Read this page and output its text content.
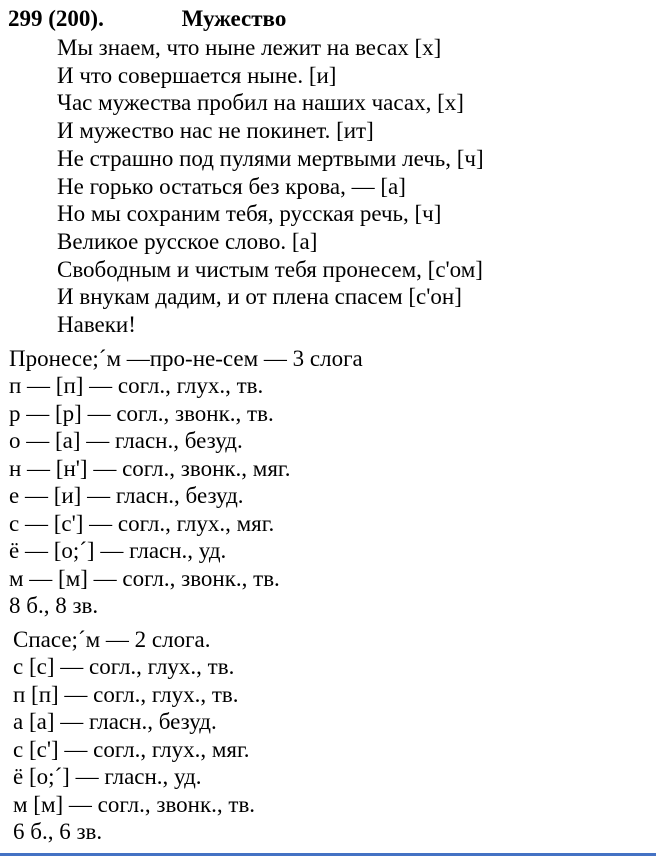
299 (200).	Мужество
Мы знаем, что ныне лежит на весах [х]
И что совершается ныне. [и]
Час мужества пробил на наших часах, [х]
И мужество нас не покинет. [ит]
Не страшно под пулями мертвыми лечь, [ч]
Не горько остаться без крова, — [а]
Но мы сохраним тебя, русская речь, [ч]
Великое русское слово. [а]
Свободным и чистым тебя пронесем, [с'ом]
И внукам дадим, и от плена спасем [с'он]
Навеки!
Пронесе;´м —про-не-сем — 3 слога
п — [п] — согл., глух., тв.
р — [р] — согл., звонк., тв.
о — [а] — гласн., безуд.
н — [н'] — согл., звонк., мяг.
е — [и] — гласн., безуд.
с — [с'] — согл., глух., мяг.
ё — [о;´] — гласн., уд.
м — [м] — согл., звонк., тв.
8 б., 8 зв.
Спасе;´м — 2 слога.
с [с] — согл., глух., тв.
п [п] — согл., глух., тв.
а [а] — гласн., безуд.
с [с'] — согл., глух., мяг.
ё [о;´] — гласн., уд.
м [м] — согл., звонк., тв.
6 б., 6 зв.
